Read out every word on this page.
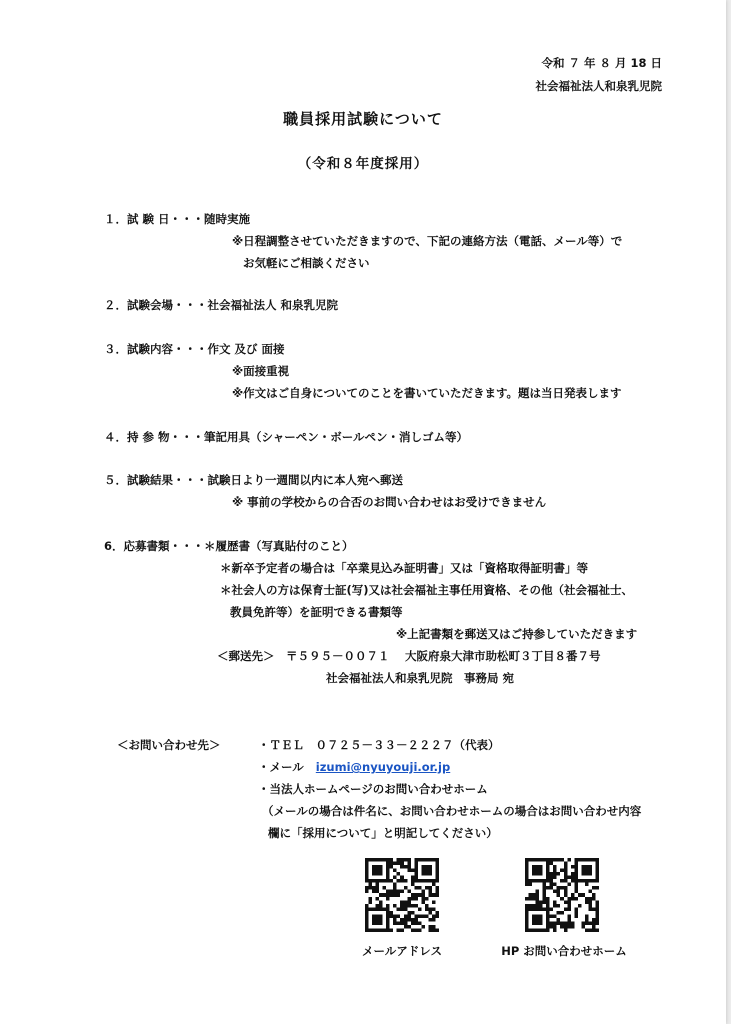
令和 ７ 年 ８ 月 18 日
社会福祉法人和泉乳児院
職員採用試験について
（令和８年度採用）
１．試 験 日・・・随時実施
※日程調整させていただきますので、下記の連絡方法（電話、メール等）で
お気軽にご相談ください
２．試験会場・・・社会福祉法人 和泉乳児院
３．試験内容・・・作文 及び 面接
※面接重視
※作文はご自身についてのことを書いていただきます。題は当日発表します
４．持 参 物・・・筆記用具（シャーペン・ボールペン・消しゴム等）
５．試験結果・・・試験日より一週間以内に本人宛へ郵送
※ 事前の学校からの合否のお問い合わせはお受けできません
6．応募書類・・・＊履歴書（写真貼付のこと）
＊新卒予定者の場合は「卒業見込み証明書」又は「資格取得証明書」等
＊社会人の方は保育士証(写)又は社会福祉主事任用資格、その他（社会福祉士、
教員免許等）を証明できる書類等
※上記書類を郵送又はご持参していただきます
＜郵送先＞　〒５９５－００７１　 大阪府泉大津市助松町３丁目８番７号
社会福祉法人和泉乳児院　事務局 宛
＜お問い合わせ先＞	・ＴＥＬ　０７２５－３３－２２２７（代表）
・メール izumi@nyuyouji.or.jp
・当法人ホームページのお問い合わせホーム
（メールの場合は件名に、お問い合わせホームの場合はお問い合わせ内容
欄に「採用について」と明記してください）
メールアドレス	HP お問い合わせホーム
